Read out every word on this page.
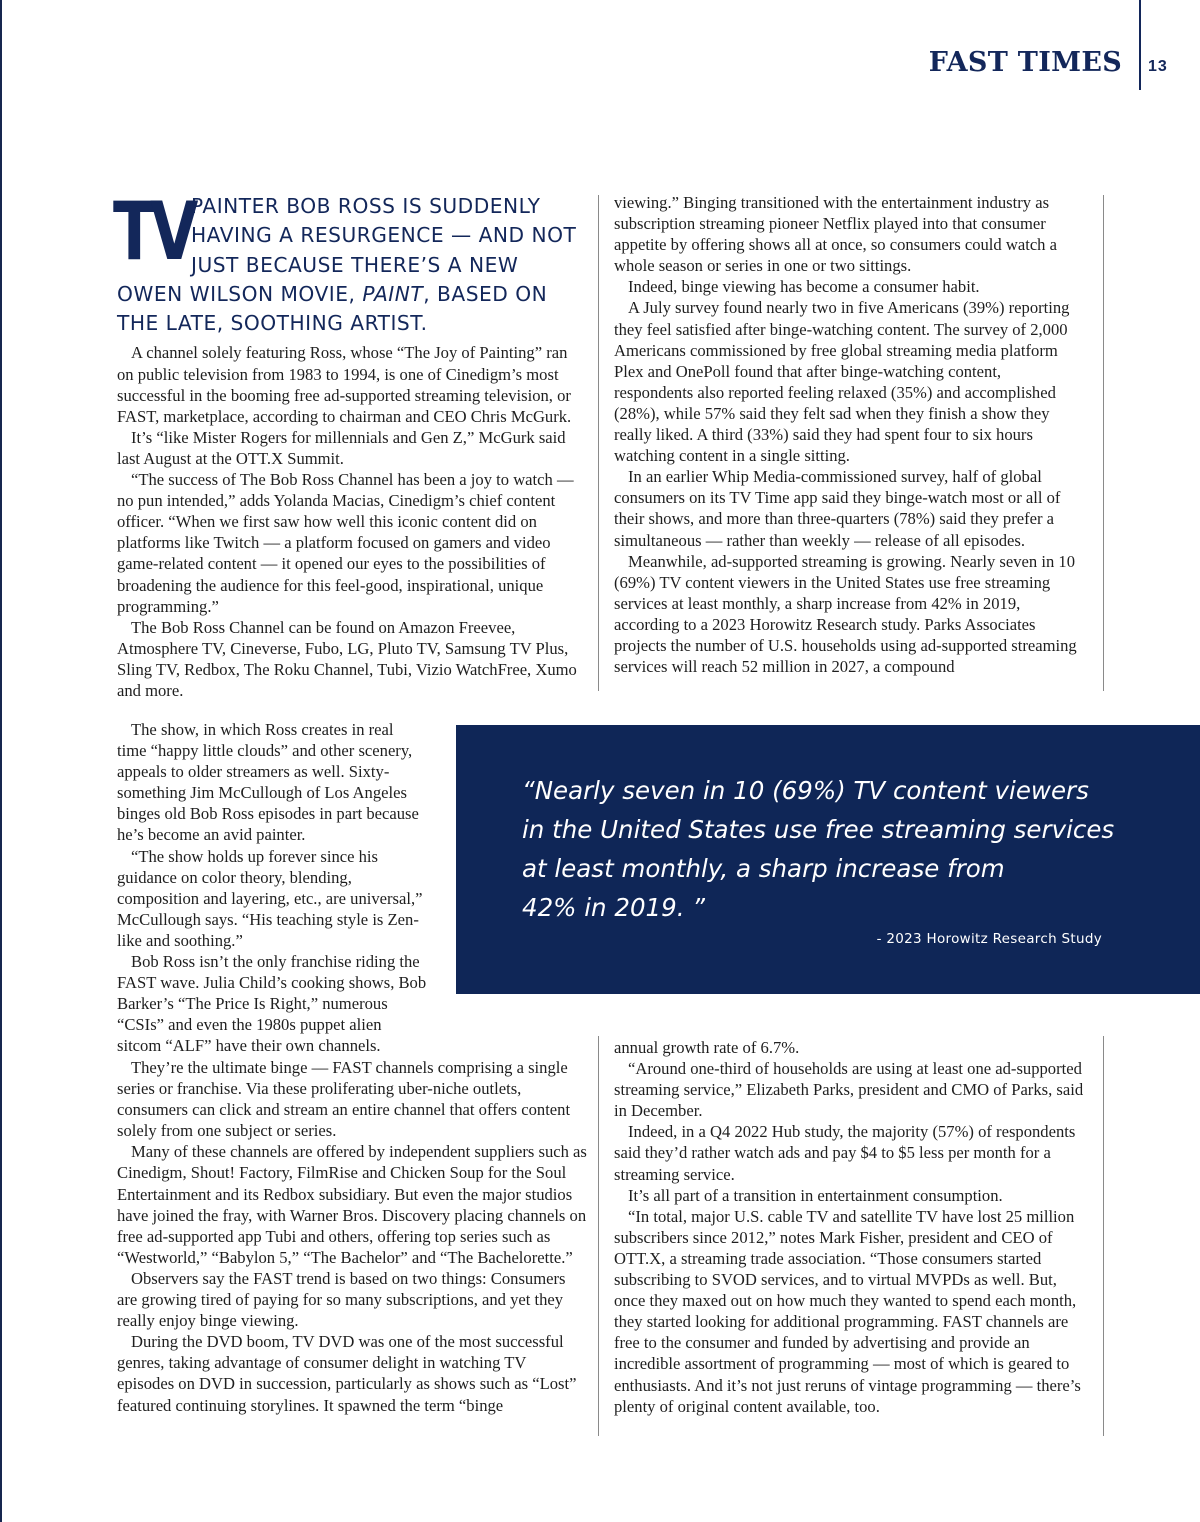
FAST TIMES 13
TV
PAINTER BOB ROSS IS SUDDENLY HAVING A RESURGENCE — AND NOT JUST BECAUSE THERE’S A NEW OWEN WILSON MOVIE, PAINT, BASED ON THE LATE, SOOTHING ARTIST.

A channel solely featuring Ross, whose “The Joy of Painting” ran on public television from 1983 to 1994, is one of Cinedigm’s most successful in the booming free ad-supported streaming television, or FAST, marketplace, according to chairman and CEO Chris McGurk.

It’s “like Mister Rogers for millennials and Gen Z,” McGurk said last August at the OTT.X Summit.

“The success of The Bob Ross Channel has been a joy to watch — no pun intended,” adds Yolanda Macias, Cinedigm’s chief content officer. “When we first saw how well this iconic content did on platforms like Twitch — a platform focused on gamers and video game-related content — it opened our eyes to the possibilities of broadening the audience for this feel-good, inspirational, unique programming.”

The Bob Ross Channel can be found on Amazon Freevee, Atmosphere TV, Cineverse, Fubo, LG, Pluto TV, Samsung TV Plus, Sling TV, Redbox, The Roku Channel, Tubi, Vizio WatchFree, Xumo and more.

The show, in which Ross creates in real time “happy little clouds” and other scenery, appeals to older streamers as well. Sixty-something Jim McCullough of Los Angeles binges old Bob Ross episodes in part because he’s become an avid painter.

“The show holds up forever since his guidance on color theory, blending, composition and layering, etc., are universal,” McCullough says. “His teaching style is Zen-like and soothing.”

Bob Ross isn’t the only franchise riding the FAST wave. Julia Child’s cooking shows, Bob Barker’s “The Price Is Right,” numerous “CSIs” and even the 1980s puppet alien sitcom “ALF” have their own channels.

They’re the ultimate binge — FAST channels comprising a single series or franchise. Via these proliferating uber-niche outlets, consumers can click and stream an entire channel that offers content solely from one subject or series.

Many of these channels are offered by independent suppliers such as Cinedigm, Shout! Factory, FilmRise and Chicken Soup for the Soul Entertainment and its Redbox subsidiary. But even the major studios have joined the fray, with Warner Bros. Discovery placing channels on free ad-supported app Tubi and others, offering top series such as “Westworld,” “Babylon 5,” “The Bachelor” and “The Bachelorette.”

Observers say the FAST trend is based on two things: Consumers are growing tired of paying for so many subscriptions, and yet they really enjoy binge viewing.

During the DVD boom, TV DVD was one of the most successful genres, taking advantage of consumer delight in watching TV episodes on DVD in succession, particularly as shows such as “Lost” featured continuing storylines. It spawned the term “binge

viewing.” Binging transitioned with the entertainment industry as subscription streaming pioneer Netflix played into that consumer appetite by offering shows all at once, so consumers could watch a whole season or series in one or two sittings.

Indeed, binge viewing has become a consumer habit.

A July survey found nearly two in five Americans (39%) reporting they feel satisfied after binge-watching content. The survey of 2,000 Americans commissioned by free global streaming media platform Plex and OnePoll found that after binge-watching content, respondents also reported feeling relaxed (35%) and accomplished (28%), while 57% said they felt sad when they finish a show they really liked. A third (33%) said they had spent four to six hours watching content in a single sitting.

In an earlier Whip Media-commissioned survey, half of global consumers on its TV Time app said they binge-watch most or all of their shows, and more than three-quarters (78%) said they prefer a simultaneous — rather than weekly — release of all episodes.

Meanwhile, ad-supported streaming is growing. Nearly seven in 10 (69%) TV content viewers in the United States use free streaming services at least monthly, a sharp increase from 42% in 2019, according to a 2023 Horowitz Research study. Parks Associates projects the number of U.S. households using ad-supported streaming services will reach 52 million in 2027, a compound

annual growth rate of 6.7%.

“Around one-third of households are using at least one ad-supported streaming service,” Elizabeth Parks, president and CMO of Parks, said in December.

Indeed, in a Q4 2022 Hub study, the majority (57%) of respondents said they’d rather watch ads and pay $4 to $5 less per month for a streaming service.

It’s all part of a transition in entertainment consumption.

“In total, major U.S. cable TV and satellite TV have lost 25 million subscribers since 2012,” notes Mark Fisher, president and CEO of OTT.X, a streaming trade association. “Those consumers started subscribing to SVOD services, and to virtual MVPDs as well. But, once they maxed out on how much they wanted to spend each month, they started looking for additional programming. FAST channels are free to the consumer and funded by advertising and provide an incredible assortment of programming — most of which is geared to enthusiasts. And it’s not just reruns of vintage programming — there’s plenty of original content available, too.

“Nearly seven in 10 (69%) TV content viewers
in the United States use free streaming services
at least monthly, a sharp increase from
42% in 2019. ”
- 2023 Horowitz Research Study
